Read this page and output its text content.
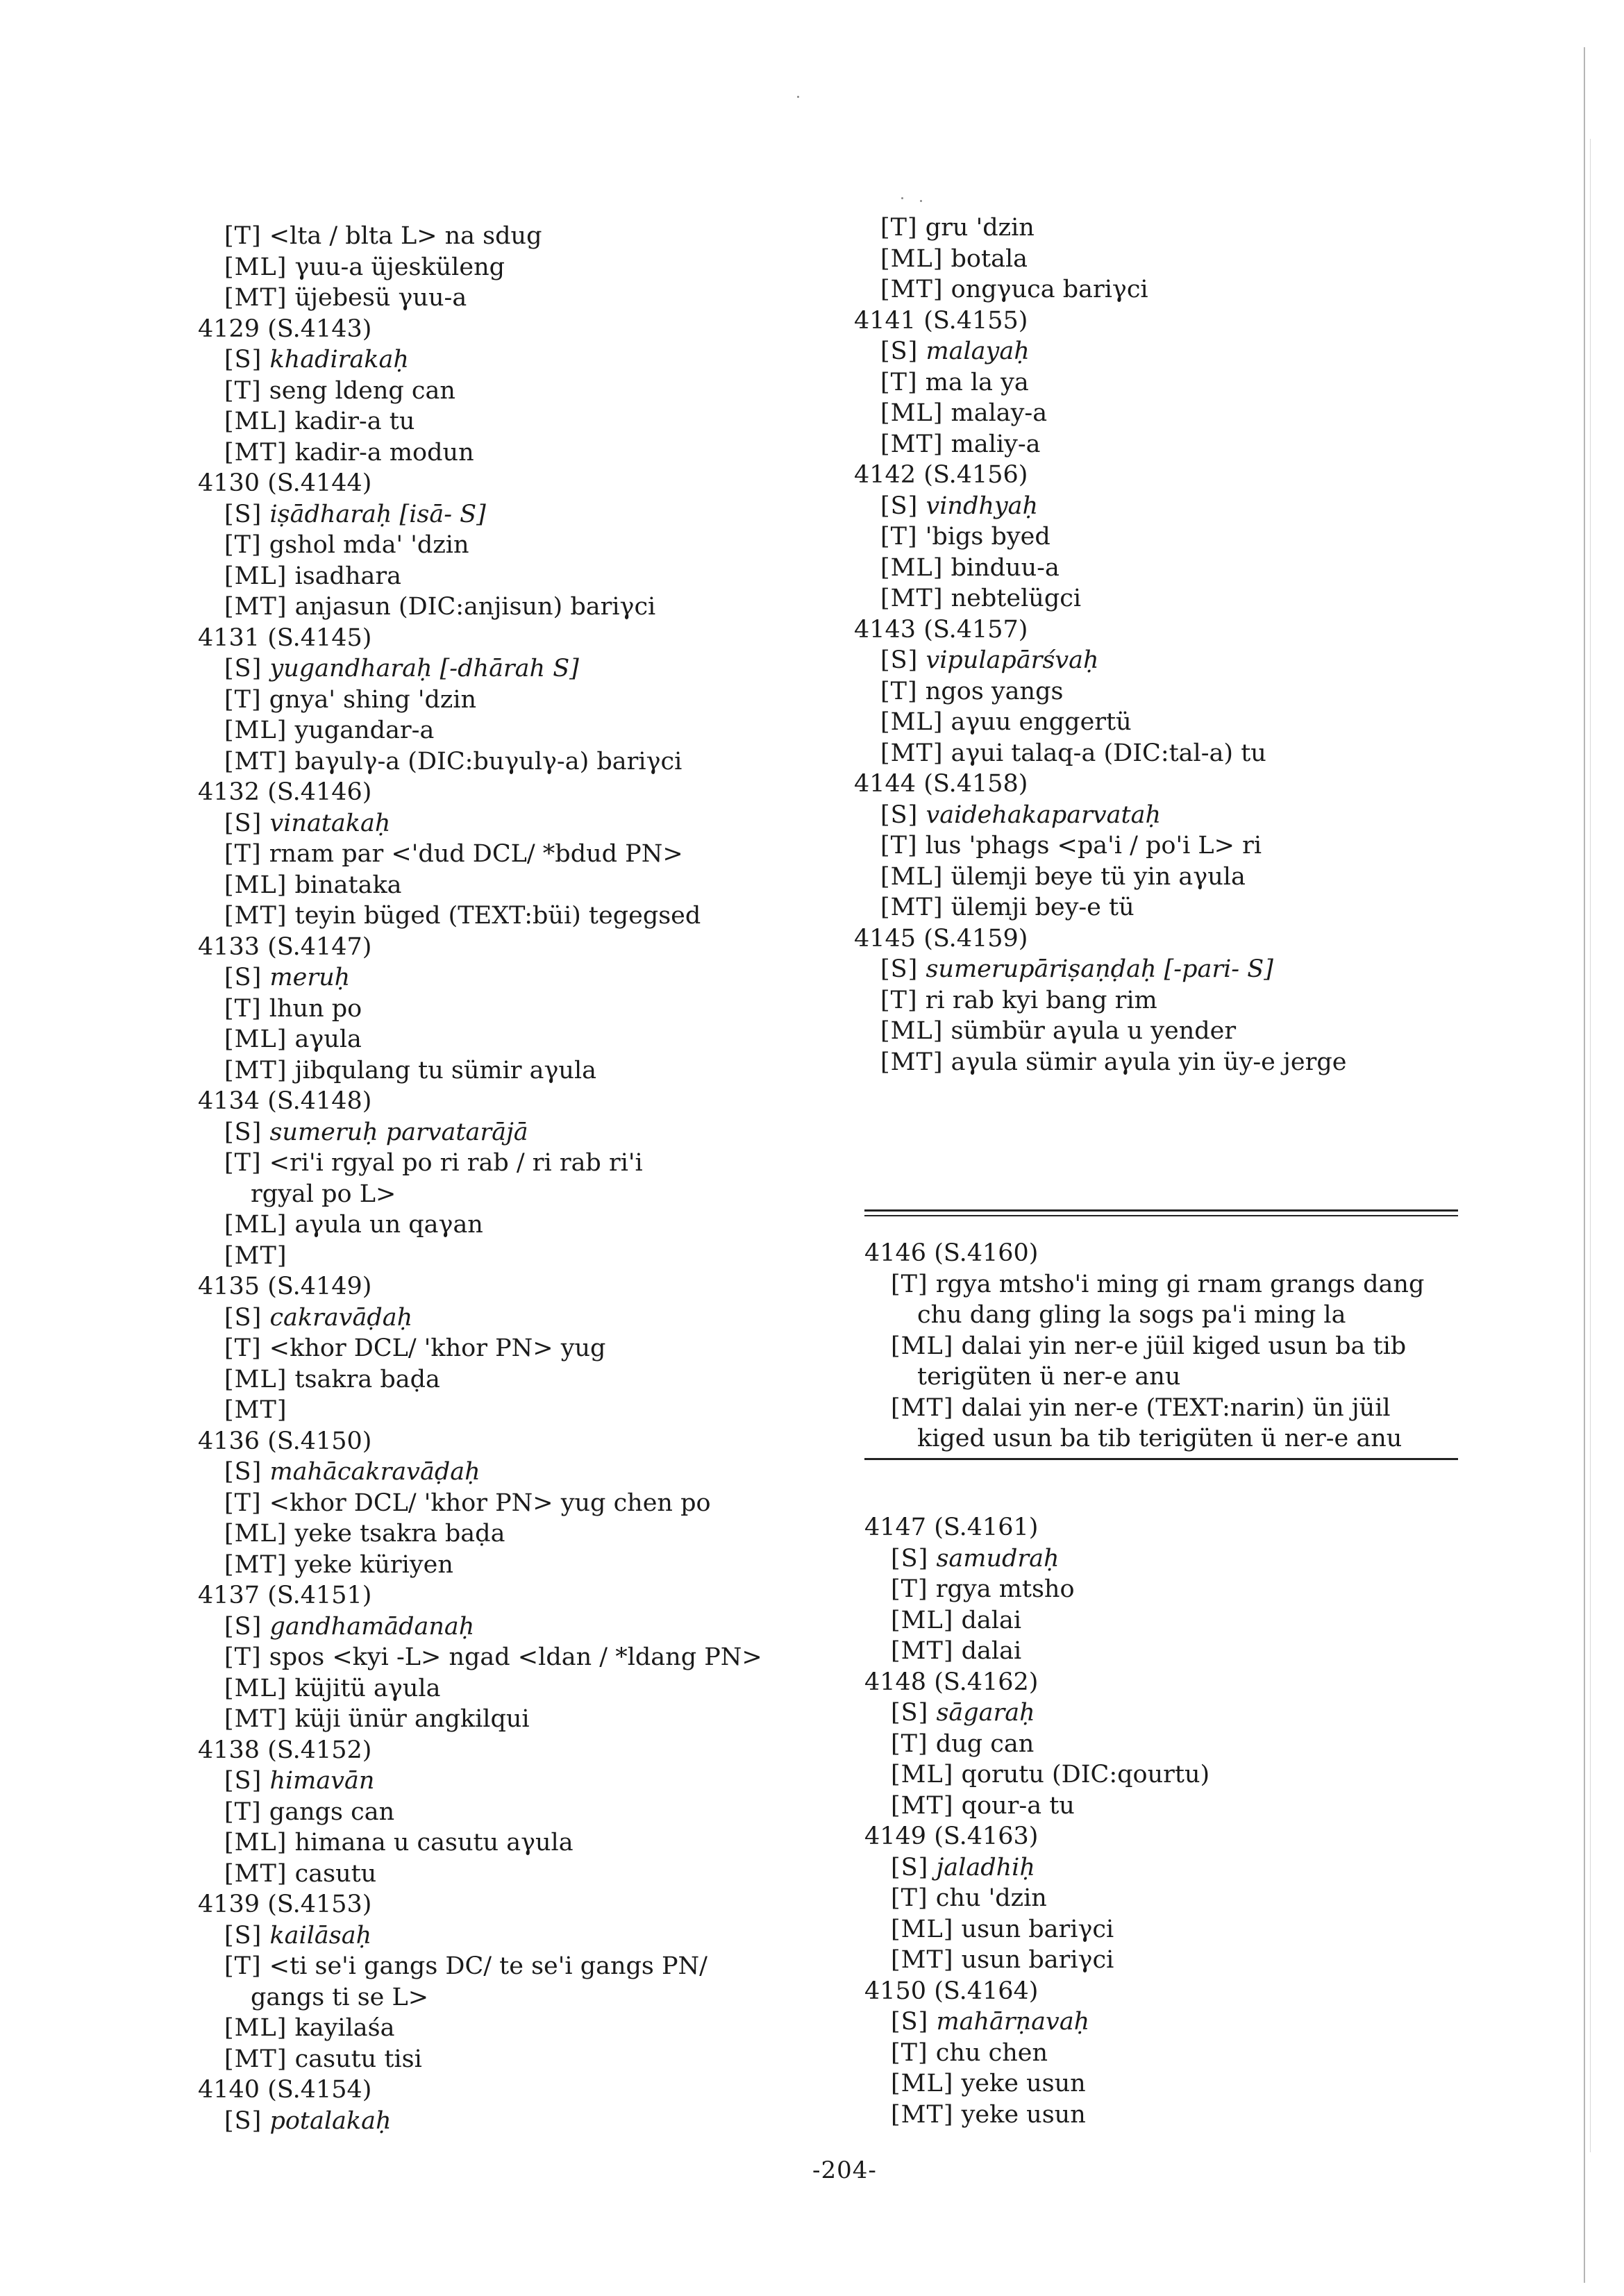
[T] <lta / blta L> na sdug
[ML] γuu-a üjesküleng
[MT] üjebesü γuu-a
4129 (S.4143)
[S] khadirakaḥ
[T] seng ldeng can
[ML] kadir-a tu
[MT] kadir-a modun
4130 (S.4144)
[S] iṣādharaḥ [isā- S]
[T] gshol mda' 'dzin
[ML] isadhara
[MT] anjasun (DIC:anjisun) bariγci
4131 (S.4145)
[S] yugandharaḥ [-dhārah S]
[T] gnya' shing 'dzin
[ML] yugandar-a
[MT] baγulγ-a (DIC:buγulγ-a) bariγci
4132 (S.4146)
[S] vinatakaḥ
[T] rnam par <'dud DCL/ *bdud PN>
[ML] binataka
[MT] teyin büged (TEXT:büi) tegegsed
4133 (S.4147)
[S] meruḥ
[T] lhun po
[ML] aγula
[MT] jibqulang tu sümir aγula
4134 (S.4148)
[S] sumeruḥ parvatarājā
[T] <ri'i rgyal po ri rab / ri rab ri'i
rgyal po L>
[ML] aγula un qaγan
[MT]
4135 (S.4149)
[S] cakravāḍaḥ
[T] <khor DCL/ 'khor PN> yug
[ML] tsakra baḍa
[MT]
4136 (S.4150)
[S] mahācakravāḍaḥ
[T] <khor DCL/ 'khor PN> yug chen po
[ML] yeke tsakra baḍa
[MT] yeke küriyen
4137 (S.4151)
[S] gandhamādanaḥ
[T] spos <kyi -L> ngad <ldan / *ldang PN>
[ML] küjitü aγula
[MT] küji ünür angkilqui
4138 (S.4152)
[S] himavān
[T] gangs can
[ML] himana u casutu aγula
[MT] casutu
4139 (S.4153)
[S] kailāsaḥ
[T] <ti se'i gangs DC/ te se'i gangs PN/
gangs ti se L>
[ML] kayilaśa
[MT] casutu tisi
4140 (S.4154)
[S] potalakaḥ
[T] gru 'dzin
[ML] botala
[MT] ongγuca bariγci
4141 (S.4155)
[S] malayaḥ
[T] ma la ya
[ML] malay-a
[MT] maliy-a
4142 (S.4156)
[S] vindhyaḥ
[T] 'bigs byed
[ML] binduu-a
[MT] nebtelügci
4143 (S.4157)
[S] vipulapārśvaḥ
[T] ngos yangs
[ML] aγuu enggertü
[MT] aγui talaq-a (DIC:tal-a) tu
4144 (S.4158)
[S] vaidehakaparvataḥ
[T] lus 'phags <pa'i / po'i L> ri
[ML] ülemji beye tü yin aγula
[MT] ülemji bey-e tü
4145 (S.4159)
[S] sumerupāriṣaṇḍaḥ [-pari- S]
[T] ri rab kyi bang rim
[ML] sümbür aγula u yender
[MT] aγula sümir aγula yin üy-e jerge
4146 (S.4160)
[T] rgya mtsho'i ming gi rnam grangs dang
chu dang gling la sogs pa'i ming la
[ML] dalai yin ner-e jüil kiged usun ba tib
terigüten ü ner-e anu
[MT] dalai yin ner-e (TEXT:narin) ün jüil
kiged usun ba tib terigüten ü ner-e anu
4147 (S.4161)
[S] samudraḥ
[T] rgya mtsho
[ML] dalai
[MT] dalai
4148 (S.4162)
[S] sāgaraḥ
[T] dug can
[ML] qorutu (DIC:qourtu)
[MT] qour-a tu
4149 (S.4163)
[S] jaladhiḥ
[T] chu 'dzin
[ML] usun bariγci
[MT] usun bariγci
4150 (S.4164)
[S] mahārṇavaḥ
[T] chu chen
[ML] yeke usun
[MT] yeke usun
-204-
